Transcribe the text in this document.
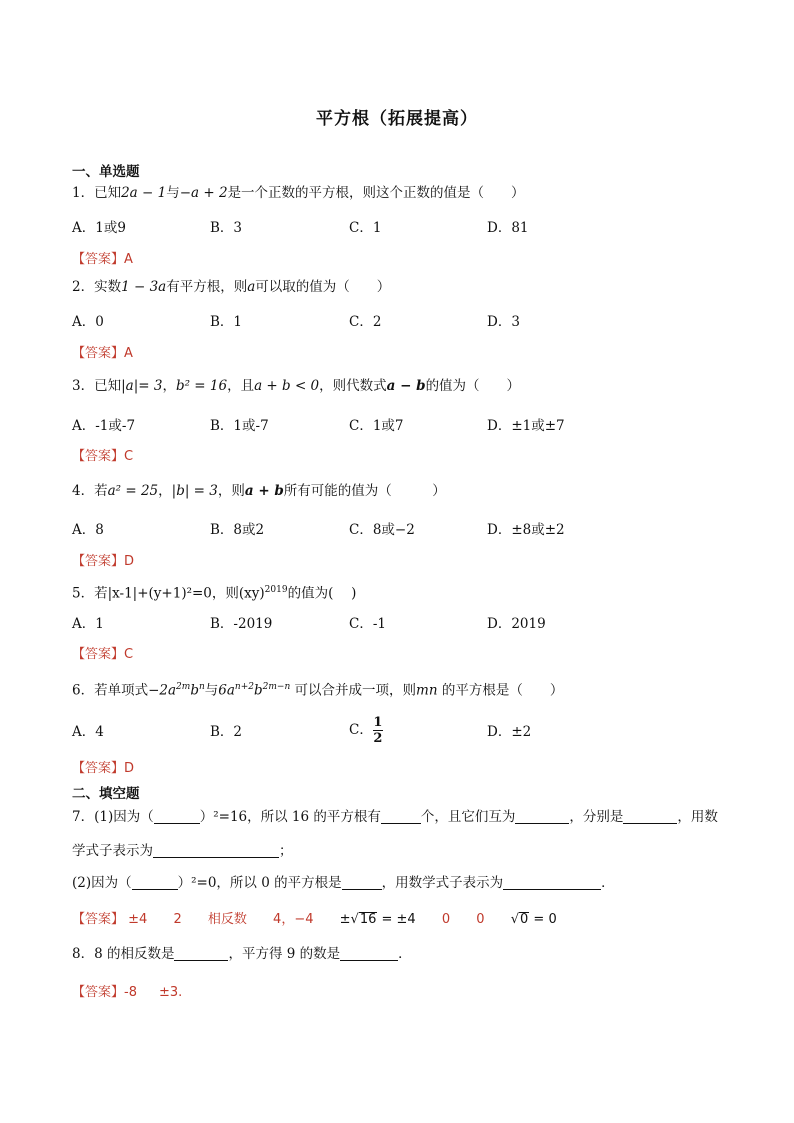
平方根（拓展提高）
一、单选题
1．已知2a − 1与−a + 2是一个正数的平方根，则这个正数的值是（　　）
A．1或9	B．3	C．1	D．81
【答案】A
2．实数1 − 3a有平方根，则a可以取的值为（　　）
A．0	B．1	C．2	D．3
【答案】A
3．已知|a|= 3，b² = 16，且a + b < 0，则代数式a − b的值为（　　）
A．-1或-7	B．1或-7	C．1或7	D．±1或±7
【答案】C
4．若a² = 25，|b| = 3，则a + b所有可能的值为（　　　）
A．8	B．8或2	C．8或−2	D．±8或±2
【答案】D
5．若|x-1|+(y+1)²=0，则(xy)$^{2019}$的值为(　 )
A．1	B．-2019	C．-1	D．2019
【答案】C
6．若单项式$-2a^{2m}b^n$与$6a^{n+2}b^{2m-n}$ 可以合并成一项，则mn 的平方根是（　　）
A．4	B．2	C． $\frac{1}{2}$	D．±2
【答案】D
二、填空题
7．(1)因为（	）²=16，所以 16 的平方根有	个，且它们互为	，分别是	，用数
学式子表示为	；
(2)因为（	）²=0，所以 0 的平方根是	，用数学式子表示为	．
【答案】 ±4 2 相反数 4，−4 ±√16 = ±4 0 0 √0 = 0
8．8 的相反数是	，平方得 9 的数是	．
【答案】-8 ±3.
